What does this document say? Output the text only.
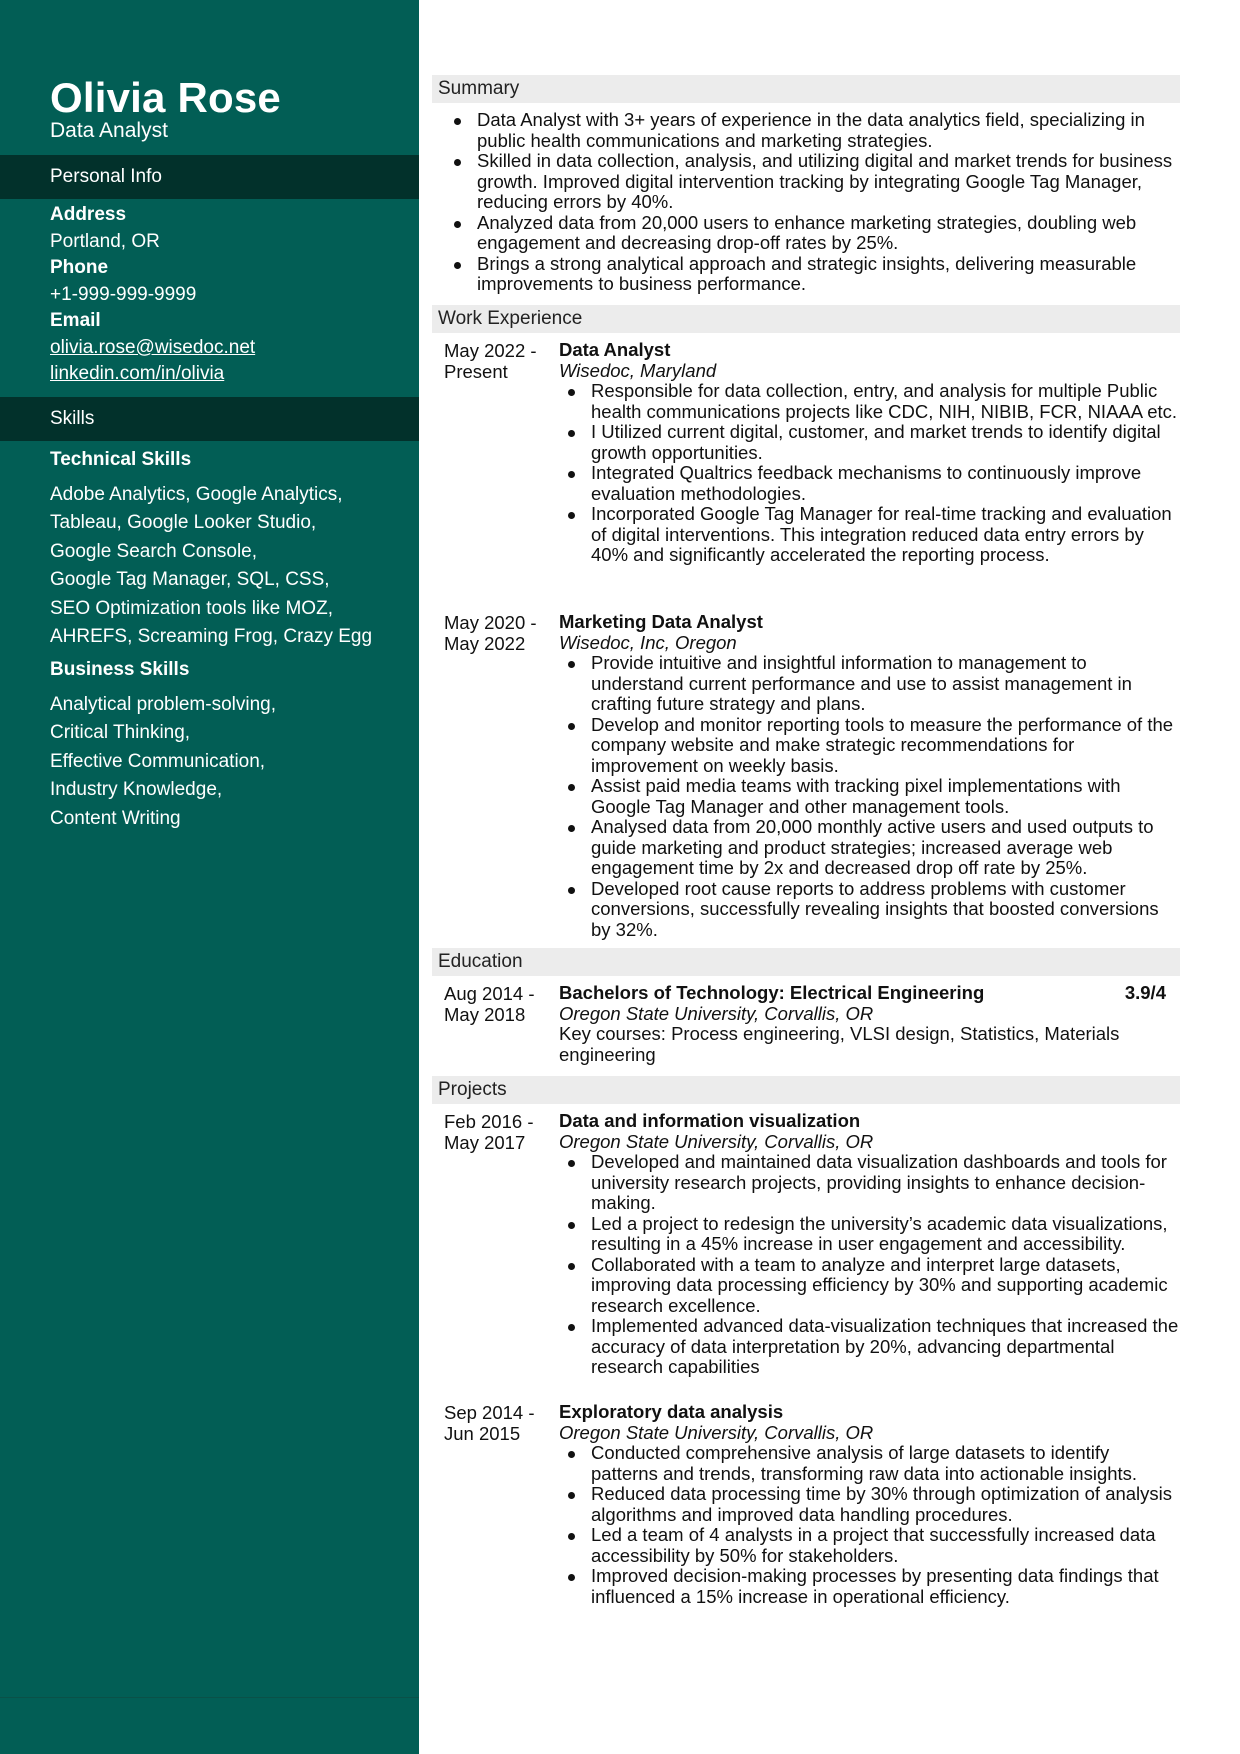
Olivia Rose
Data Analyst
Personal Info
Address
Portland, OR
Phone
+1-999-999-9999
Email
olivia.rose@wisedoc.net
linkedin.com/in/olivia
Skills
Technical Skills
Adobe Analytics, Google Analytics,
Tableau, Google Looker Studio,
Google Search Console,
Google Tag Manager, SQL, CSS,
SEO Optimization tools like MOZ,
AHREFS, Screaming Frog, Crazy Egg
Business Skills
Analytical problem-solving,
Critical Thinking,
Effective Communication,
Industry Knowledge,
Content Writing
Summary
Data Analyst with 3+ years of experience in the data analytics field, specializing in public health communications and marketing strategies.
Skilled in data collection, analysis, and utilizing digital and market trends for business growth. Improved digital intervention tracking by integrating Google Tag Manager, reducing errors by 40%.
Analyzed data from 20,000 users to enhance marketing strategies, doubling web engagement and decreasing drop-off rates by 25%.
Brings a strong analytical approach and strategic insights, delivering measurable improvements to business performance.
Work Experience
May 2022 -
Present
Data Analyst
Wisedoc, Maryland
Responsible for data collection, entry, and analysis for multiple Public health communications projects like CDC, NIH, NIBIB, FCR, NIAAA etc.
I Utilized current digital, customer, and market trends to identify digital growth opportunities.
Integrated Qualtrics feedback mechanisms to continuously improve evaluation methodologies.
Incorporated Google Tag Manager for real-time tracking and evaluation of digital interventions. This integration reduced data entry errors by 40% and significantly accelerated the reporting process.
May 2020 -
May 2022
Marketing Data Analyst
Wisedoc, Inc, Oregon
Provide intuitive and insightful information to management to understand current performance and use to assist management in crafting future strategy and plans.
Develop and monitor reporting tools to measure the performance of the company website and make strategic recommendations for improvement on weekly basis.
Assist paid media teams with tracking pixel implementations with Google Tag Manager and other management tools.
Analysed data from 20,000 monthly active users and used outputs to guide marketing and product strategies; increased average web engagement time by 2x and decreased drop off rate by 25%.
Developed root cause reports to address problems with customer conversions, successfully revealing insights that boosted conversions by 32%.
Education
Aug 2014 -
May 2018
3.9/4
Bachelors of Technology: Electrical Engineering
Oregon State University, Corvallis, OR
Key courses: Process engineering, VLSI design, Statistics, Materials engineering
Projects
Feb 2016 -
May 2017
Data and information visualization
Oregon State University, Corvallis, OR
Developed and maintained data visualization dashboards and tools for university research projects, providing insights to enhance decision-making.
Led a project to redesign the university’s academic data visualizations, resulting in a 45% increase in user engagement and accessibility.
Collaborated with a team to analyze and interpret large datasets, improving data processing efficiency by 30% and supporting academic research excellence.
Implemented advanced data-visualization techniques that increased the accuracy of data interpretation by 20%, advancing departmental research capabilities
Sep 2014 -
Jun 2015
Exploratory data analysis
Oregon State University, Corvallis, OR
Conducted comprehensive analysis of large datasets to identify patterns and trends, transforming raw data into actionable insights.
Reduced data processing time by 30% through optimization of analysis algorithms and improved data handling procedures.
Led a team of 4 analysts in a project that successfully increased data accessibility by 50% for stakeholders.
Improved decision-making processes by presenting data findings that influenced a 15% increase in operational efficiency.
